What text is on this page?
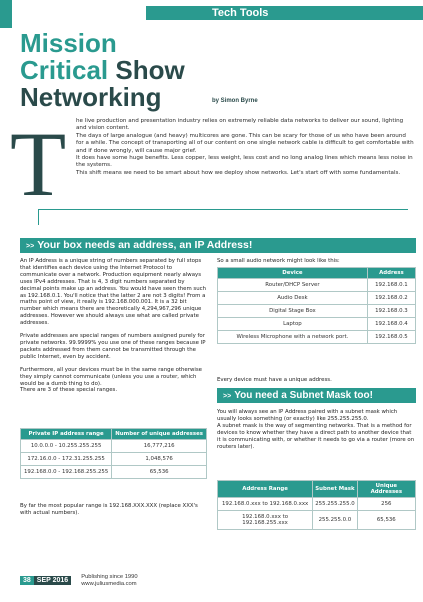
Tech Tools
Mission
Critical Show
Networking	by Simon Byrne
T he live production and presentation industry relies on extremely reliable data networks to deliver our sound, lighting and vision content.

The days of large analogue (and heavy) multicores are gone. This can be scary for those of us who have been around for a while. The concept of transporting all of our content on one single network cable is difficult to get comfortable with and if done wrongly, will cause major grief.

It does have some huge benefits. Less copper, less weight, less cost and no long analog lines which means less noise in the systems.

This shift means we need to be smart about how we deploy show networks. Let's start off with some fundamentals.

>> Your box needs an address, an IP Address!

An IP Address is a unique string of numbers separated by full stops that identifies each device using the Internet Protocol to communicate over a network. Production equipment nearly always uses IPv4 addresses. That is 4, 3 digit numbers separated by decimal points make up an address. You would have seen them such as 192.168.0.1. You'll notice that the latter 2 are not 3 digits! From a maths point of view, it really is 192.168.000.001. It is a 32 bit number which means there are theoretically 4,294,967,296 unique addresses. However we should always use what are called private addresses.

Private addresses are special ranges of numbers assigned purely for private networks. 99.9999% you use one of these ranges because IP packets addressed from them cannot be transmitted through the public Internet, even by accident.

Furthermore, all your devices must be in the same range otherwise they simply cannot communicate (unless you use a router, which would be a dumb thing to do).

There are 3 of these special ranges.

Private IP address range	Number of unique addresses
10.0.0.0 - 10.255.255.255	16,777,216
172.16.0.0 - 172.31.255.255	1,048,576
192.168.0.0 - 192.168.255.255	65,536
By far the most popular range is 192.168.XXX.XXX (replace XXX's with actual numbers).
So a small audio network might look like this:
Device	Address
Router/DHCP Server	192.168.0.1
Audio Desk	192.168.0.2
Digital Stage Box	192.168.0.3
Laptop	192.168.0.4
Wireless Microphone with a network port.	192.168.0.5
Every device must have a unique address.
>> You need a Subnet Mask too!

You will always see an IP Address paired with a subnet mask which usually looks something (or exactly) like 255.255.255.0.

A subnet mask is the way of segmenting networks. That is a method for devices to know whether they have a direct path to another device that it is communicating with, or whether it needs to go via a router (more on routers later).

Address Range	Subnet Mask	Unique Addresses
192.168.0.xxx to 192.168.0.xxx	255.255.255.0	256
192.168.0.xxx to 192.168.255.xxx	255.255.0.0	65,536
38 SEP 2016	Publishing since 1990
www.juliusmedia.com
